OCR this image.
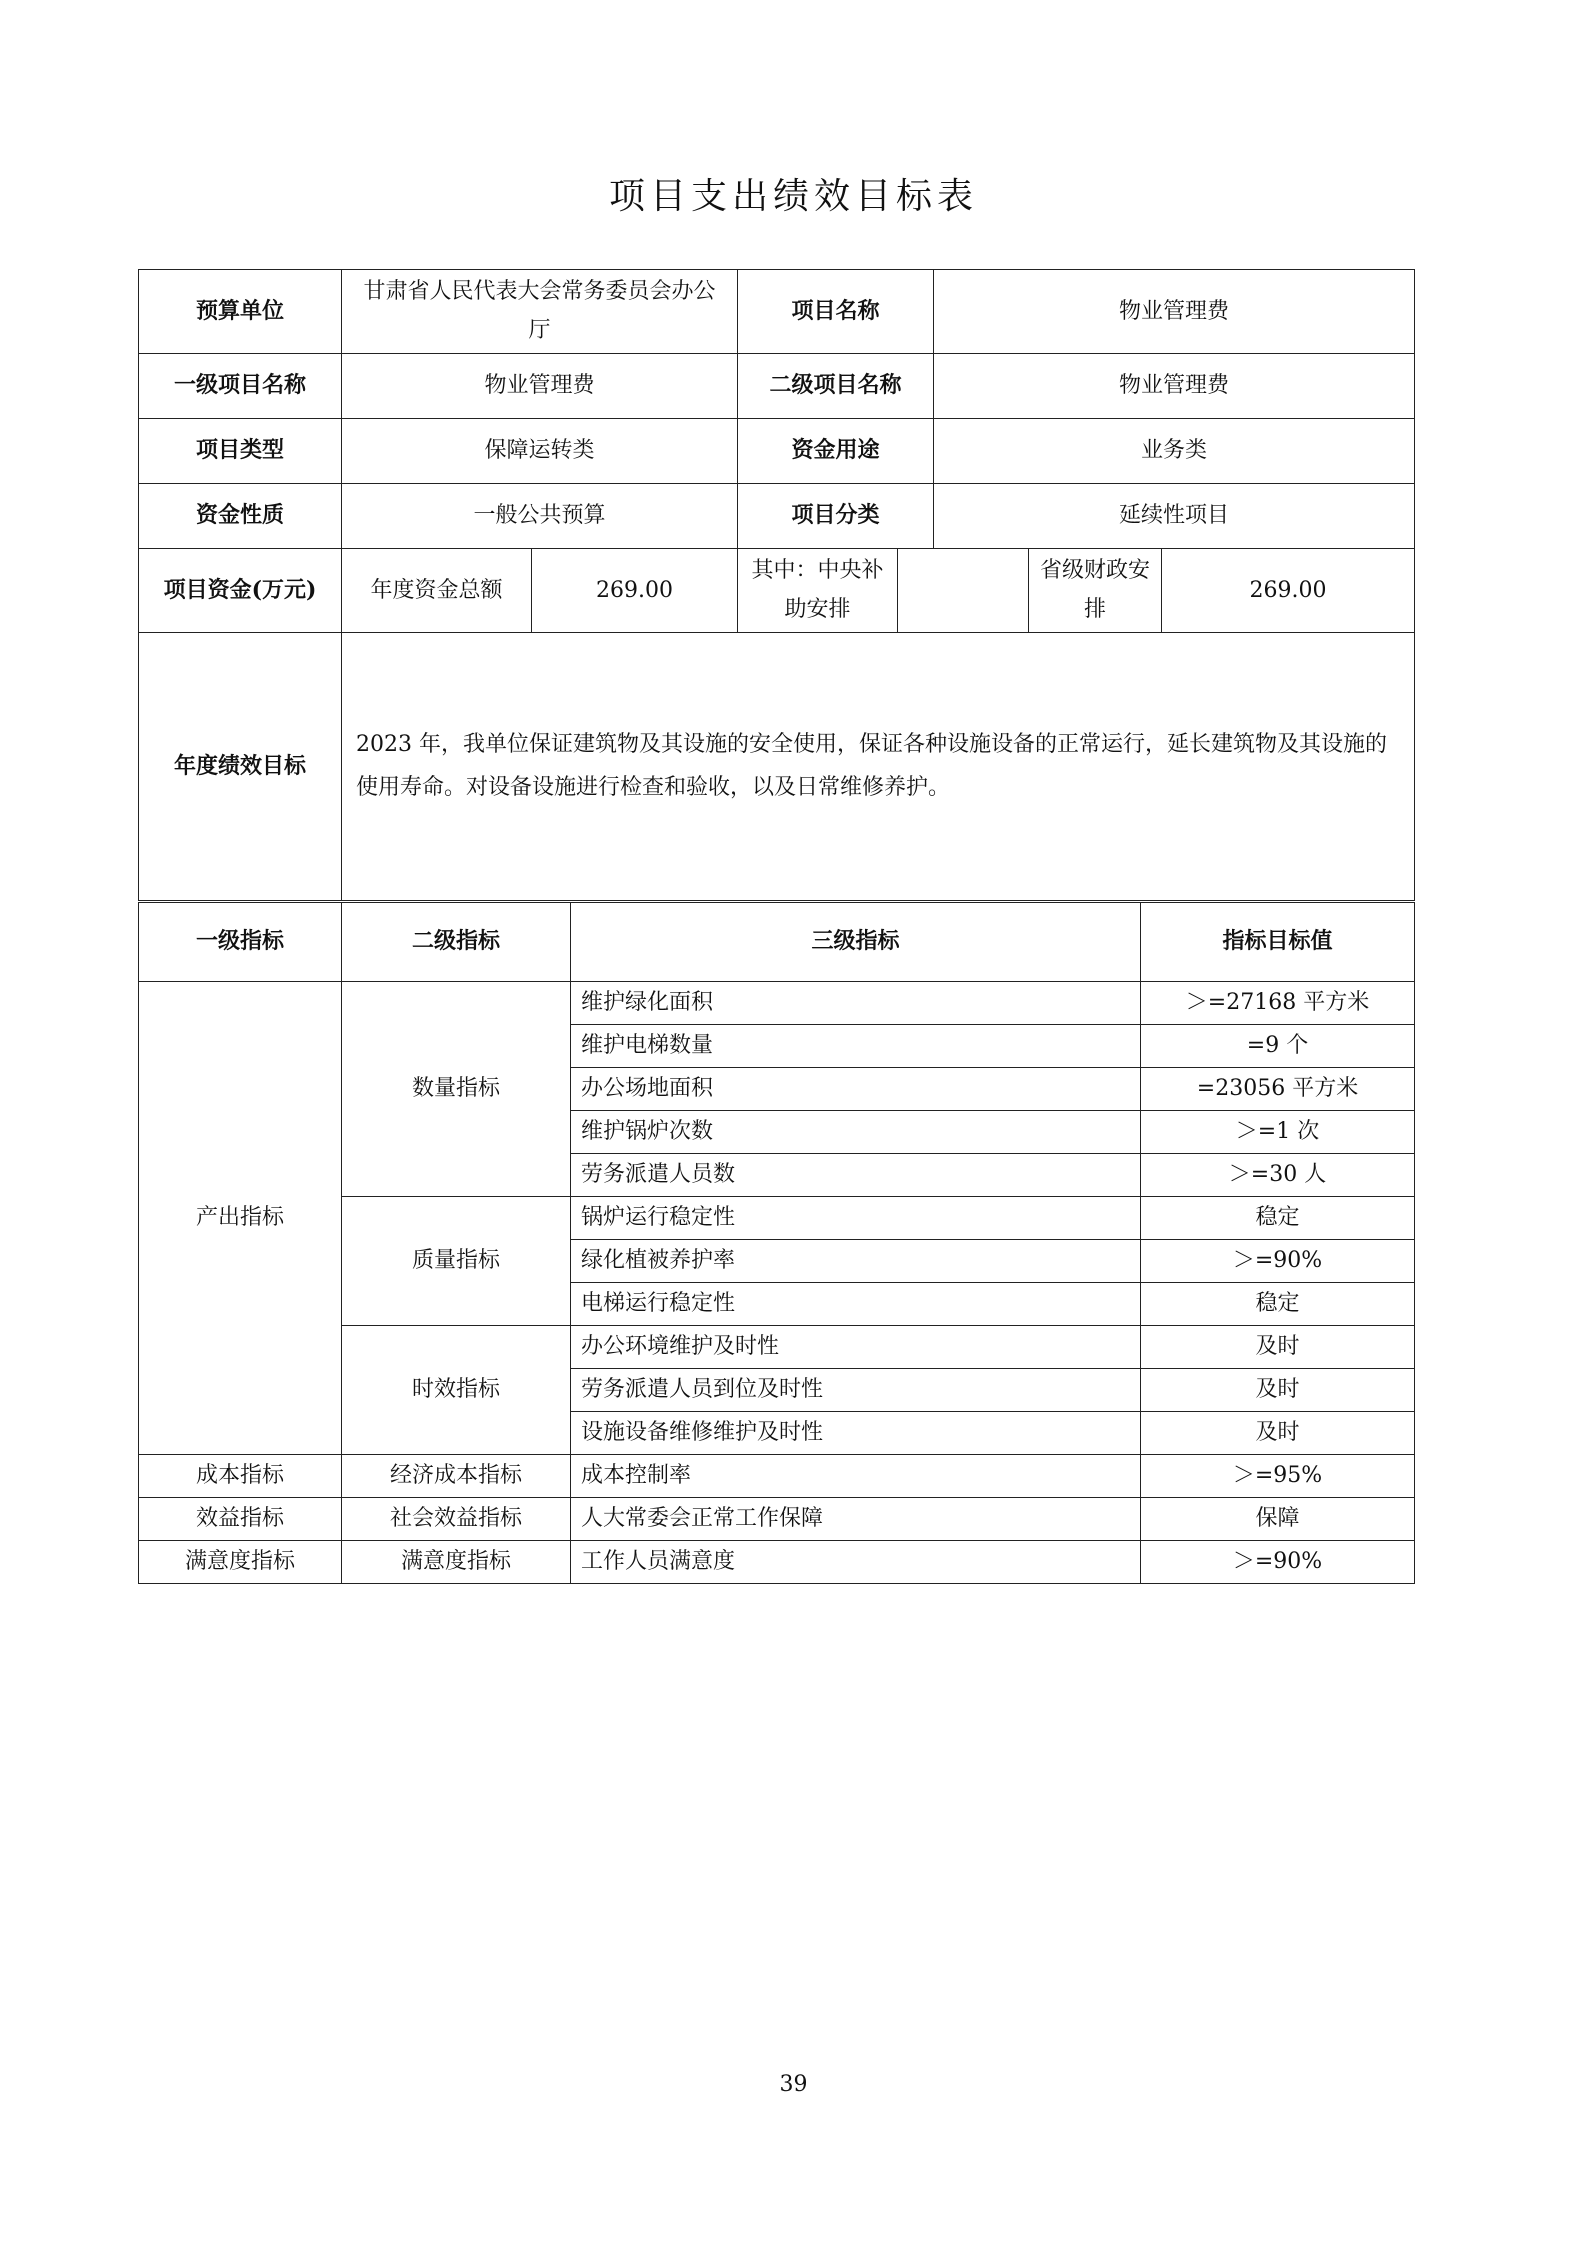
项目支出绩效目标表
预算单位	甘肃省人民代表大会常务委员会办公厅		项目名称		物业管理费		
一级项目名称	物业管理费		二级项目名称		物业管理费		
项目类型	保障运转类		资金用途		业务类		
资金性质	一般公共预算		项目分类		延续性项目		
项目资金(万元)	年度资金总额	269.00	其中：中央补助安排			省级财政安排	269.00
年度绩效目标	2023 年，我单位保证建筑物及其设施的安全使用，保证各种设施设备的正常运行，延长建筑物及其设施的使用寿命。对设备设施进行检查和验收，以及日常维修养护。						
一级指标	二级指标	三级指标	指标目标值
产出指标	数量指标	维护绿化面积	＞=27168 平方米
		维护电梯数量	=9 个
		办公场地面积	=23056 平方米
		维护锅炉次数	＞=1 次
		劳务派遣人员数	＞=30 人
	质量指标	锅炉运行稳定性	稳定
		绿化植被养护率	＞=90%
		电梯运行稳定性	稳定
	时效指标	办公环境维护及时性	及时
		劳务派遣人员到位及时性	及时
		设施设备维修维护及时性	及时
成本指标	经济成本指标	成本控制率	＞=95%
效益指标	社会效益指标	人大常委会正常工作保障	保障
满意度指标	满意度指标	工作人员满意度	＞=90%
39
